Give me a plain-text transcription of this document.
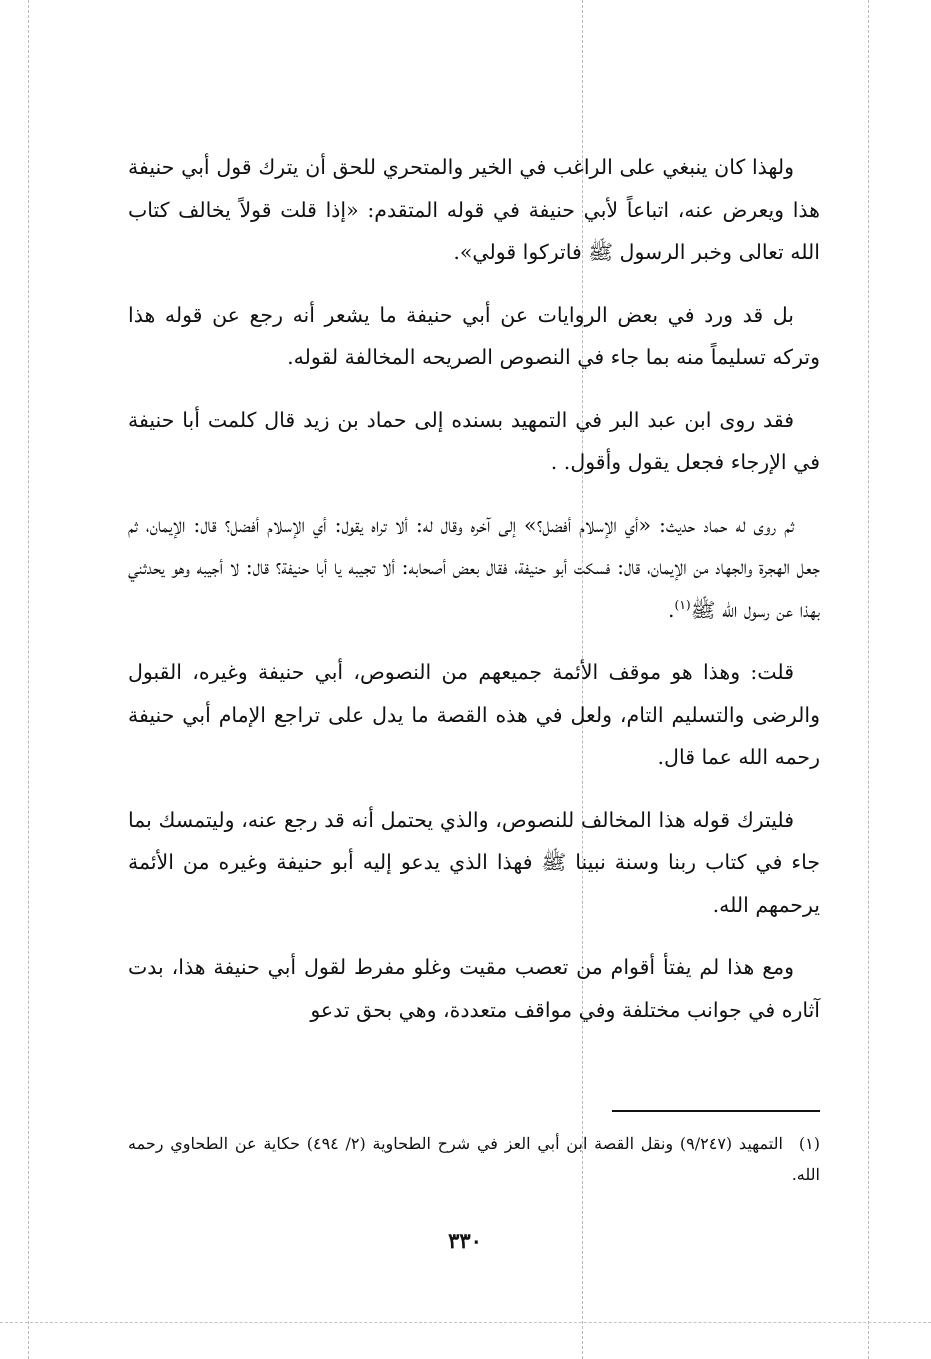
ولهذا كان ينبغي على الراغب في الخير والمتحري للحق أن يترك قول أبي حنيفة هذا ويعرض عنه، اتباعاً لأبي حنيفة في قوله المتقدم: «إذا قلت قولاً يخالف كتاب الله تعالى وخبر الرسول ﷺ فاتركوا قولي».

بل قد ورد في بعض الروايات عن أبي حنيفة ما يشعر أنه رجع عن قوله هذا وتركه تسليماً منه بما جاء في النصوص الصريحه المخالفة لقوله.

فقد روى ابن عبد البر في التمهيد بسنده إلى حماد بن زيد قال كلمت أبا حنيفة في الإرجاء فجعل يقول وأقول. .

ثم روى له حماد حديث: «أي الإسلام أفضل؟» إلى آخره وقال له: ألا تراه يقول: أي الإسلام أفضل؟ قال: الإيمان، ثم جعل الهجرة والجهاد من الإيمان، قال: فسكت أبو حنيفة، فقال بعض أصحابه: ألا تجيبه يا أبا حنيفة؟ قال: لا أجيبه وهو يحدثني بهذا عن رسول الله ﷺ$^{(١)}$.

قلت: وهذا هو موقف الأئمة جميعهم من النصوص، أبي حنيفة وغيره، القبول والرضى والتسليم التام، ولعل في هذه القصة ما يدل على تراجع الإمام أبي حنيفة رحمه الله عما قال.

فليترك قوله هذا المخالف للنصوص، والذي يحتمل أنه قد رجع عنه، وليتمسك بما جاء في كتاب ربنا وسنة نبينا ﷺ فهذا الذي يدعو إليه أبو حنيفة وغيره من الأئمة يرحمهم الله.

ومع هذا لم يفتأ أقوام من تعصب مقيت وغلو مفرط لقول أبي حنيفة هذا، بدت آثاره في جوانب مختلفة وفي مواقف متعددة، وهي بحق تدعو

(١)التمهيد (٩/٢٤٧) ونقل القصة ابن أبي العز في شرح الطحاوية (٢/ ٤٩٤) حكاية عن الطحاوي رحمه الله.
٣٣٠
